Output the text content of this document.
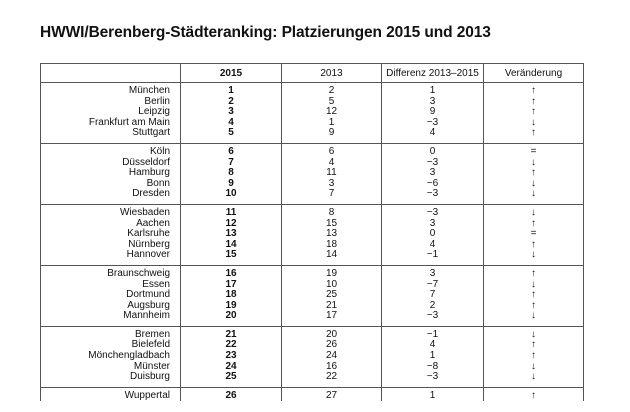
HWWI/Berenberg-Städteranking: Platzierungen 2015 und 2013
	2015	2013	Differenz 2013–2015	Veränderung
München	1	2	1	↑
Berlin	2	5	3	↑
Leipzig	3	12	9	↑
Frankfurt am Main	4	1	−3	↓
Stuttgart	5	9	4	↑
Köln	6	6	0	=
Düsseldorf	7	4	−3	↓
Hamburg	8	11	3	↑
Bonn	9	3	−6	↓
Dresden	10	7	−3	↓
Wiesbaden	11	8	−3	↓
Aachen	12	15	3	↑
Karlsruhe	13	13	0	=
Nürnberg	14	18	4	↑
Hannover	15	14	−1	↓
Braunschweig	16	19	3	↑
Essen	17	10	−7	↓
Dortmund	18	25	7	↑
Augsburg	19	21	2	↑
Mannheim	20	17	−3	↓
Bremen	21	20	−1	↓
Bielefeld	22	26	4	↑
Mönchengladbach	23	24	1	↑
Münster	24	16	−8	↓
Duisburg	25	22	−3	↓
Wuppertal	26	27	1	↑
